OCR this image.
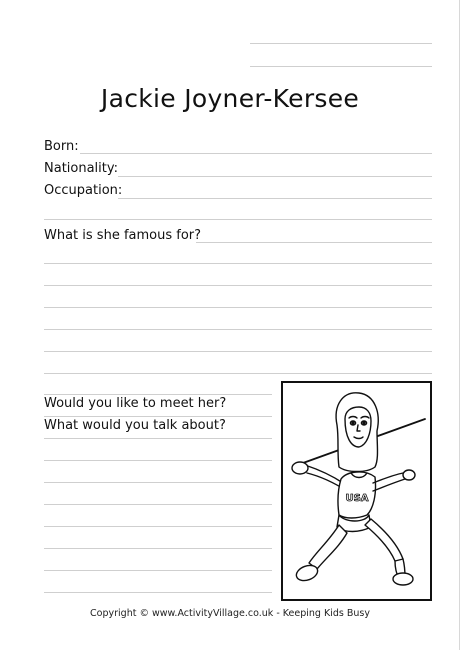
Jackie Joyner-Kersee
Born:
Nationality:
Occupation:
What is she famous for?
Would you like to meet her?
What would you talk about?
USA
Copyright © www.ActivityVillage.co.uk - Keeping Kids Busy
